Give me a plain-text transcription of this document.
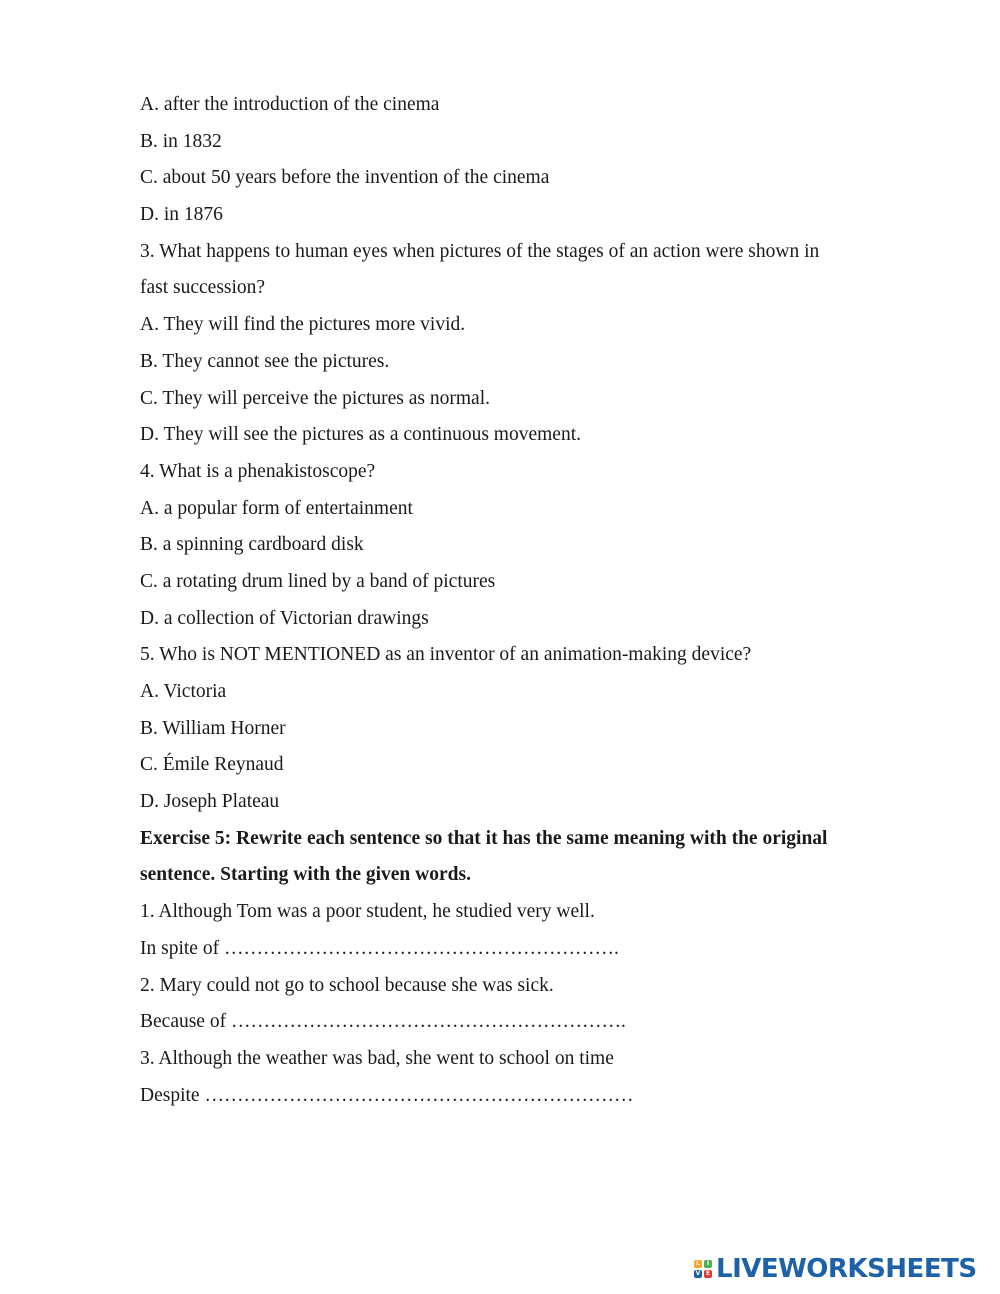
A. after the introduction of the cinema
B. in 1832
C. about 50 years before the invention of the cinema
D. in 1876
3. What happens to human eyes when pictures of the stages of an action were shown in
fast succession?
A. They will find the pictures more vivid.
B. They cannot see the pictures.
C. They will perceive the pictures as normal.
D. They will see the pictures as a continuous movement.
4. What is a phenakistoscope?
A. a popular form of entertainment
B. a spinning cardboard disk
C. a rotating drum lined by a band of pictures
D. a collection of Victorian drawings
5. Who is NOT MENTIONED as an inventor of an animation-making device?
A. Victoria
B. William Horner
C. Émile Reynaud
D. Joseph Plateau
Exercise 5: Rewrite each sentence so that it has the same meaning with the original
sentence. Starting with the given words.
1. Although Tom was a poor student, he studied very well.
In spite of …………………………………………………….
2. Mary could not go to school because she was sick.
Because of …………………………………………………….
3. Although the weather was bad, she went to school on time
Despite …………………………………………………………
L	I
V E LIVEWORKSHEETS
